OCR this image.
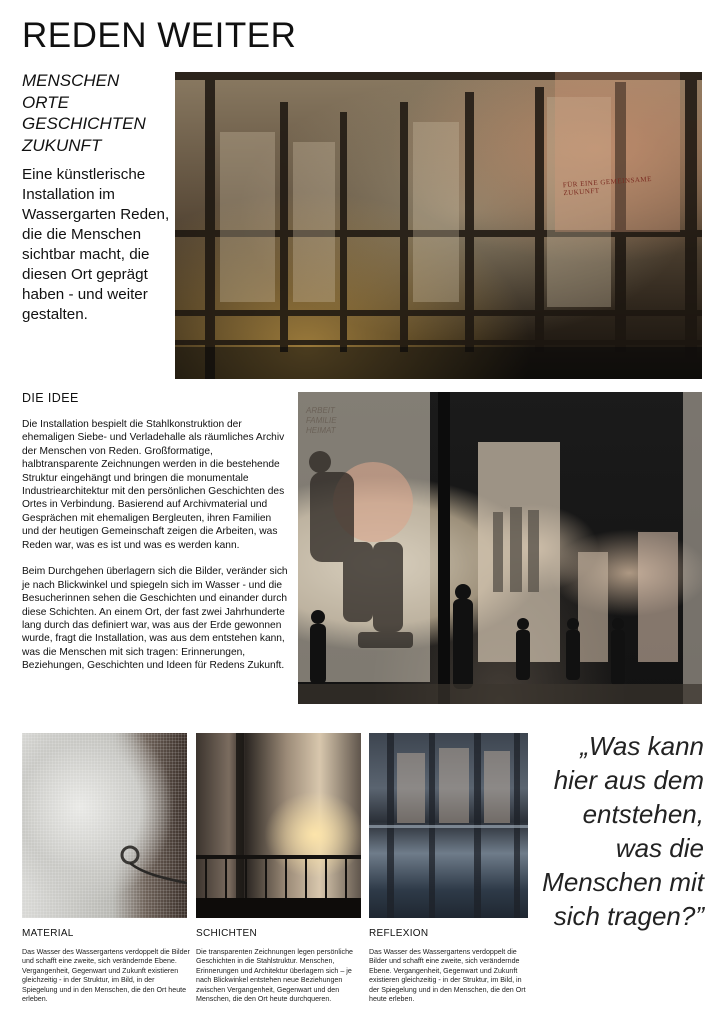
REDEN WEITER
MENSCHEN
ORTE
GESCHICHTEN
ZUKUNFT

Eine künstlerische Installation im Wassergarten Reden, die die Menschen sichtbar macht, die diesen Ort geprägt haben - und weiter gestalten.

FÜR EINE GEMEINSAME ZUKUNFT
DIE IDEE

Die Installation bespielt die Stahlkonstruktion der ehemaligen Siebe- und Verladehalle als räumliches Archiv der Menschen von Reden. Großformatige, halbtransparente Zeichnungen werden in die bestehende Struktur eingehängt und bringen die monumentale Industriearchitektur mit den persönlichen Geschichten des Ortes in Verbindung. Basierend auf Archivmaterial und Gesprächen mit ehemaligen Bergleuten, ihren Familien und der heutigen Gemeinschaft zeigen die Arbeiten, was Reden war, was es ist und was es werden kann.

Beim Durchgehen überlagern sich die Bilder, veränder sich je nach Blickwinkel und spiegeln sich im Wasser - und die Besucherinnen sehen die Geschichten und einander durch diese Schichten. An einem Ort, der fast zwei Jahrhunderte lang durch das definiert war, was aus der Erde gewonnen wurde, fragt die Installation, was aus dem entstehen kann, was die Menschen mit sich tragen: Erinnerungen, Beziehungen, Geschichten und Ideen für Redens Zukunft.

ARBEIT
FAMILIE
HEIMAT
„Was kann hier aus dem entstehen, was die Menschen mit sich tragen?”
MATERIAL
Das Wasser des Wassergartens verdoppelt die Bilder und schafft eine zweite, sich verändernde Ebene. Vergangenheit, Gegenwart und Zukunft existieren gleichzeitig - in der Struktur, im Bild, in der Spiegelung und in den Menschen, die den Ort heute erleben.
SCHICHTEN
Die transparenten Zeichnungen legen persönliche Geschichten in die Stahlstruktur. Menschen, Erinnerungen und Architektur überlagern sich – je nach Blickwinkel entstehen neue Beziehungen zwischen Vergangenheit, Gegenwart und den Menschen, die den Ort heute durchqueren.
REFLEXION
Das Wasser des Wassergartens verdoppelt die Bilder und schafft eine zweite, sich verändernde Ebene. Vergangenheit, Gegenwart und Zukunft existieren gleichzeitig - in der Struktur, im Bild, in der Spiegelung und in den Menschen, die den Ort heute erleben.
